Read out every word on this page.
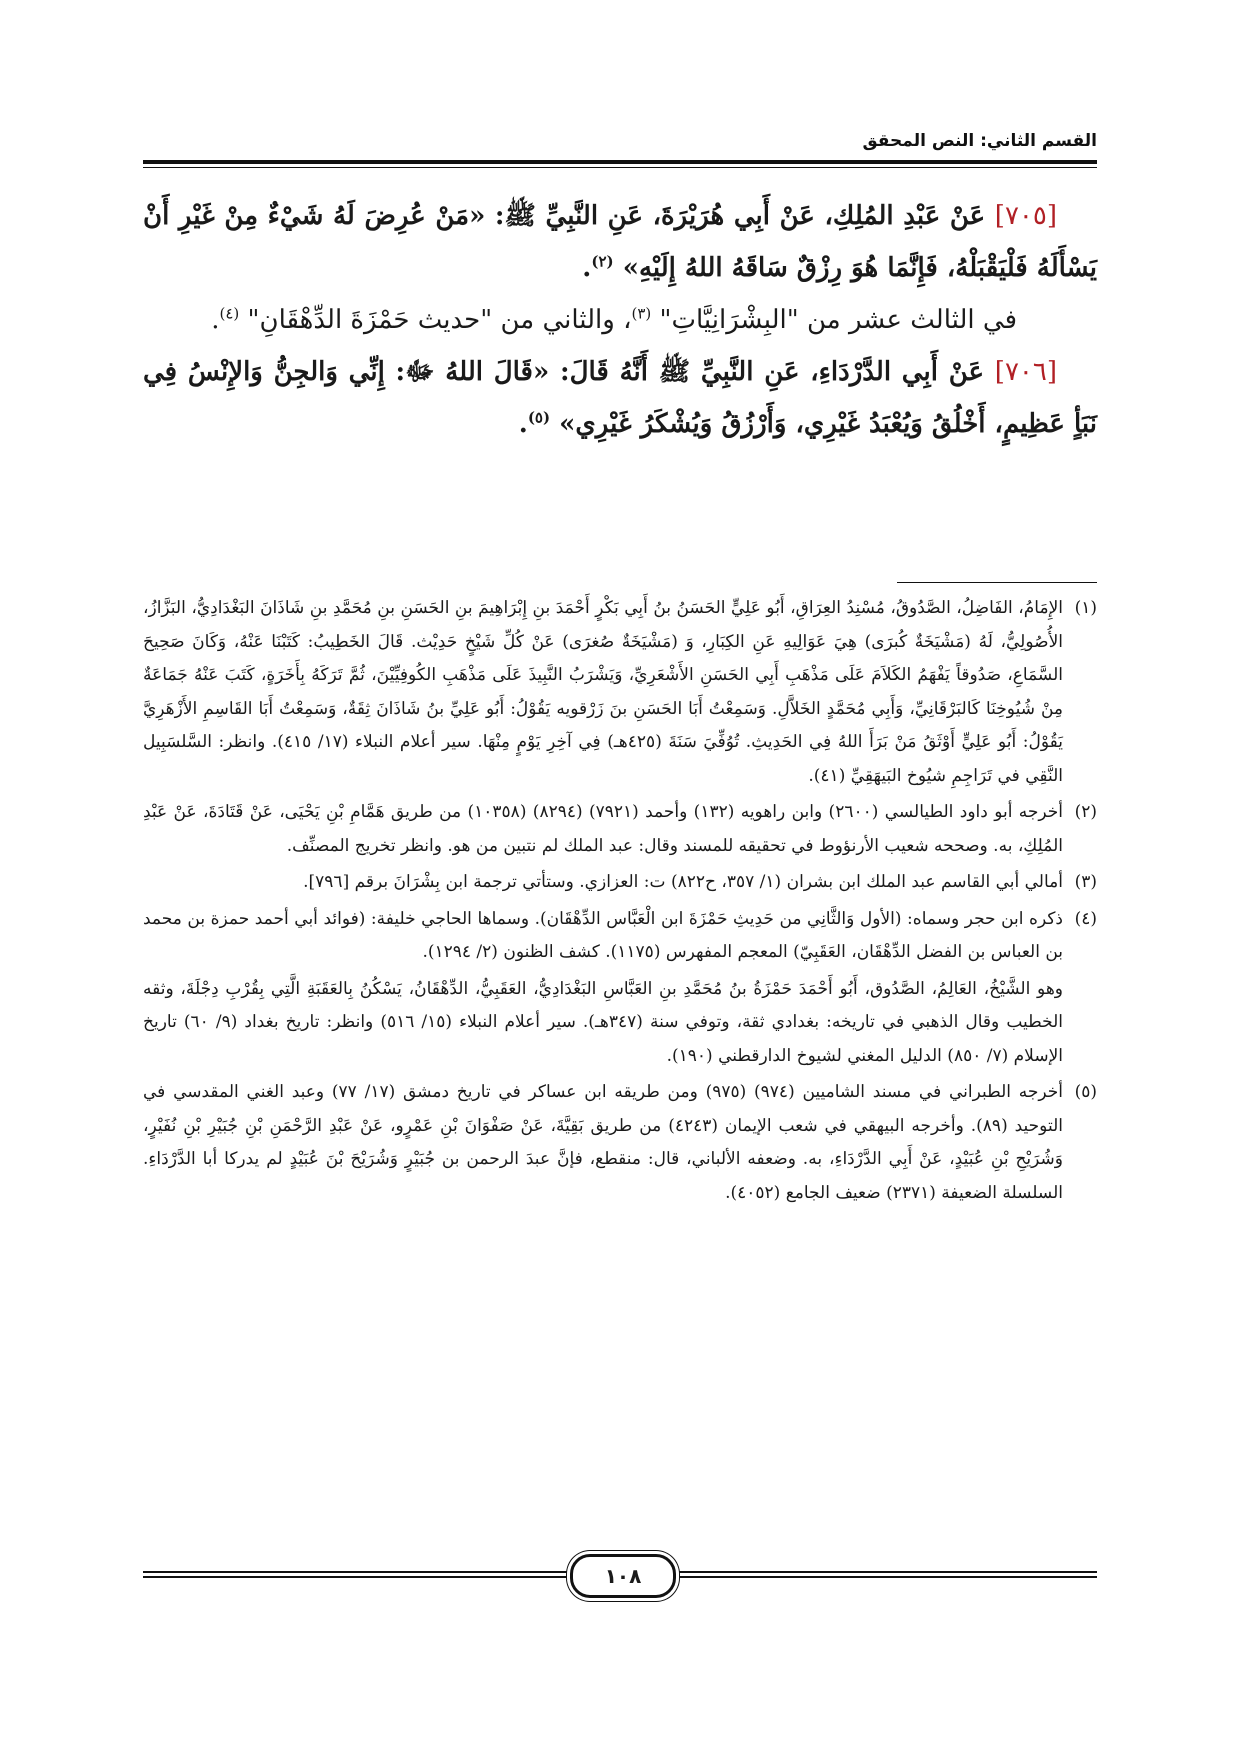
القسم الثاني: النص المحقق

[٧٠٥] عَنْ عَبْدِ المُلِكِ، عَنْ أَبِي هُرَيْرَةَ، عَنِ النَّبِيِّ ﷺ: «مَنْ عُرِضَ لَهُ شَيْءٌ مِنْ غَيْرِ أَنْ يَسْأَلَهُ فَلْيَقْبَلْهُ، فَإِنَّمَا هُوَ رِزْقٌ سَاقَهُ اللهُ إِلَيْهِ» $^{(٢)}$.

في الثالث عشر من "البِشْرَانِيَّاتِ" $^{(٣)}$، والثاني من "حديث حَمْزَةَ الدِّهْقَانِ" $^{(٤)}$.

[٧٠٦] عَنْ أَبِي الدَّرْدَاءِ، عَنِ النَّبِيِّ ﷺ أَنَّهُ قَالَ: «قَالَ اللهُ ﷻ: إِنِّي وَالجِنُّ وَالإِنْسُ فِي نَبَأٍ عَظِيمٍ، أَخْلُقُ وَيُعْبَدُ غَيْرِي، وَأَرْزُقُ وَيُشْكَرُ غَيْرِي» $^{(٥)}$.

(١)
الإِمَامُ، الفَاضِلُ، الصَّدُوقُ، مُسْنِدُ العِرَاقِ، أَبُو عَلِيٍّ الحَسَنُ بنُ أَبِي بَكْرٍ أَحْمَدَ بنِ إِبْرَاهِيمَ بنِ الحَسَنِ بنِ مُحَمَّدِ بنِ شَاذَانَ البَغْدَادِيُّ، البَزَّازُ، الأُصُولِيُّ، لَهُ (مَشْيَخَةٌ كُبرَى) هِيَ عَوَالِيهِ عَنِ الكِبَارِ، وَ (مَشْيَخَةٌ صُغرَى) عَنْ كُلِّ شَيْخٍ حَدِيْث. قَالَ الخَطِيبُ: كَتَبْنَا عَنْهُ، وَكَانَ صَحِيحَ السَّمَاعِ، صَدُوقاً يَفْهَمُ الكَلاَمَ عَلَى مَذْهَبِ أَبِي الحَسَنِ الأَشْعَرِيِّ، وَيَشْرَبُ النَّبِيذَ عَلَى مَذْهَبِ الكُوفِيِّيْنَ، ثُمَّ تَرَكَهُ بِأَخَرَةٍ، كَتَبَ عَنْهُ جَمَاعَةٌ مِنْ شُيُوخِنَا كَالبَرْقَانِيِّ، وَأَبِي مُحَمَّدٍ الخَلاَّلِ. وَسَمِعْتُ أَبَا الحَسَنِ بنَ زَرْقويه يَقُوْلُ: أَبُو عَلِيِّ بنُ شَاذَانَ ثِقَةٌ، وَسَمِعْتُ أَبَا القَاسِمِ الأَزْهَرِيَّ يَقُوْلُ: أَبُو عَلِيٍّ أَوْثَقُ مَنْ بَرَأَ اللهُ فِي الحَدِيثِ. تُوُفِّيَ سَنَةَ (٤٢٥هـ) فِي آخِرِ يَوْمٍ مِنْهَا. سير أعلام النبلاء (١٧/ ٤١٥). وانظر: السَّلسَبِيل النَّقِي في تَرَاجِمِ شيُوخ البَيهَقِيِّ (٤١).

(٢)
أخرجه أبو داود الطيالسي (٢٦٠٠) وابن راهويه (١٣٢) وأحمد (٧٩٢١) (٨٢٩٤) (١٠٣٥٨) من طريق هَمَّامِ بْنِ يَحْيَى، عَنْ قَتَادَةَ، عَنْ عَبْدِ المُلِكِ، به. وصححه شعيب الأرنؤوط في تحقيقه للمسند وقال: عبد الملك لم نتبين من هو. وانظر تخريج المصنِّف.

(٣)
أمالي أبي القاسم عبد الملك ابن بشران (١/ ٣٥٧، ح٨٢٢) ت: العزازي. وستأتي ترجمة ابن بِشْرَانَ برقم [٧٩٦].

(٤)
ذكره ابن حجر وسماه: (الأول وَالثَّانِي من حَدِيثِ حَمْزَةَ ابن الْعَبَّاس الدِّهْقَان). وسماها الحاجي خليفة: (فوائد أبي أحمد حمزة بن محمد بن العباس بن الفضل الدِّهْقَان، العَقَبِيّ) المعجم المفهرس (١١٧٥). كشف الظنون (٢/ ١٢٩٤).

وهو الشَّيْخُ، العَالِمُ، الصَّدُوق، أَبُو أَحْمَدَ حَمْزَةُ بنُ مُحَمَّدِ بنِ العَبَّاسِ البَغْدَادِيُّ، العَقَبِيُّ، الدِّهْقَانُ، يَسْكُنُ بِالعَقَبَةِ الَّتِي بِقُرْبِ دِجْلَةَ، وثقه الخطيب وقال الذهبي في تاريخه: بغدادي ثقة، وتوفي سنة (٣٤٧هـ). سير أعلام النبلاء (١٥/ ٥١٦) وانظر: تاريخ بغداد (٩/ ٦٠) تاريخ الإسلام (٧/ ٨٥٠) الدليل المغني لشيوخ الدارقطني (١٩٠).

(٥)
أخرجه الطبراني في مسند الشاميين (٩٧٤) (٩٧٥) ومن طريقه ابن عساكر في تاريخ دمشق (١٧/ ٧٧) وعبد الغني المقدسي في التوحيد (٨٩). وأخرجه البيهقي في شعب الإيمان (٤٢٤٣) من طريق بَقِيَّةَ، عَنْ صَفْوَانَ بْنِ عَمْرٍو، عَنْ عَبْدِ الرَّحْمَنِ بْنِ جُبَيْرِ بْنِ نُفَيْرٍ، وَشُرَيْحِ بْنِ عُبَيْدٍ، عَنْ أَبِي الدَّرْدَاءِ، به. وضعفه الألباني، قال: منقطع، فإنَّ عبدَ الرحمن بن جُبَيْرٍ وَشُرَيْحَ بْنَ عُبَيْدٍ لم يدركا أبا الدَّرْدَاءِ. السلسلة الضعيفة (٢٣٧١) ضعيف الجامع (٤٠٥٢).

١٠٨
